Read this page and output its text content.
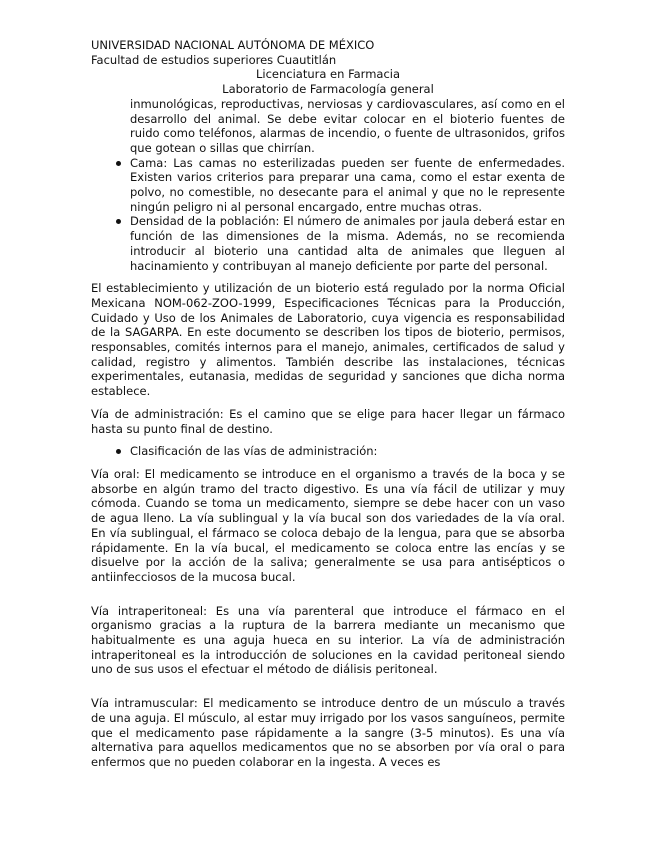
UNIVERSIDAD NACIONAL AUTÓNOMA DE MÉXICO

Facultad de estudios superiores Cuautitlán

Licenciatura en Farmacia

Laboratorio de Farmacología general

inmunológicas, reproductivas, nerviosas y cardiovasculares, así como en el desarrollo del animal. Se debe evitar colocar en el bioterio fuentes de ruido como teléfonos, alarmas de incendio, o fuente de ultrasonidos, grifos que gotean o sillas que chirrían.
Cama: Las camas no esterilizadas pueden ser fuente de enfermedades. Existen varios criterios para preparar una cama, como el estar exenta de polvo, no comestible, no desecante para el animal y que no le represente ningún peligro ni al personal encargado, entre muchas otras.
Densidad de la población: El número de animales por jaula deberá estar en función de las dimensiones de la misma. Además, no se recomienda introducir al bioterio una cantidad alta de animales que lleguen al hacinamiento y contribuyan al manejo deficiente por parte del personal.

El establecimiento y utilización de un bioterio está regulado por la norma Oficial Mexicana NOM-062-ZOO-1999, Especificaciones Técnicas para la Producción, Cuidado y Uso de los Animales de Laboratorio, cuya vigencia es responsabilidad de la SAGARPA. En este documento se describen los tipos de bioterio, permisos, responsables, comités internos para el manejo, animales, certificados de salud y calidad, registro y alimentos. También describe las instalaciones, técnicas experimentales, eutanasia, medidas de seguridad y sanciones que dicha norma establece.

Vía de administración: Es el camino que se elige para hacer llegar un fármaco hasta su punto final de destino.

Clasificación de las vías de administración:

Vía oral: El medicamento se introduce en el organismo a través de la boca y se absorbe en algún tramo del tracto digestivo. Es una vía fácil de utilizar y muy cómoda. Cuando se toma un medicamento, siempre se debe hacer con un vaso de agua lleno. La vía sublingual y la vía bucal son dos variedades de la vía oral. En vía sublingual, el fármaco se coloca debajo de la lengua, para que se absorba rápidamente. En la vía bucal, el medicamento se coloca entre las encías y se disuelve por la acción de la saliva; generalmente se usa para antisépticos o antiinfecciosos de la mucosa bucal.

Vía intraperitoneal: Es una vía parenteral que introduce el fármaco en el organismo gracias a la ruptura de la barrera mediante un mecanismo que habitualmente es una aguja hueca en su interior. La vía de administración intraperitoneal es la introducción de soluciones en la cavidad peritoneal siendo uno de sus usos el efectuar el método de diálisis peritoneal.

Vía intramuscular: El medicamento se introduce dentro de un músculo a través de una aguja. El músculo, al estar muy irrigado por los vasos sanguíneos, permite que el medicamento pase rápidamente a la sangre (3-5 minutos). Es una vía alternativa para aquellos medicamentos que no se absorben por vía oral o para enfermos que no pueden colaborar en la ingesta. A veces es
